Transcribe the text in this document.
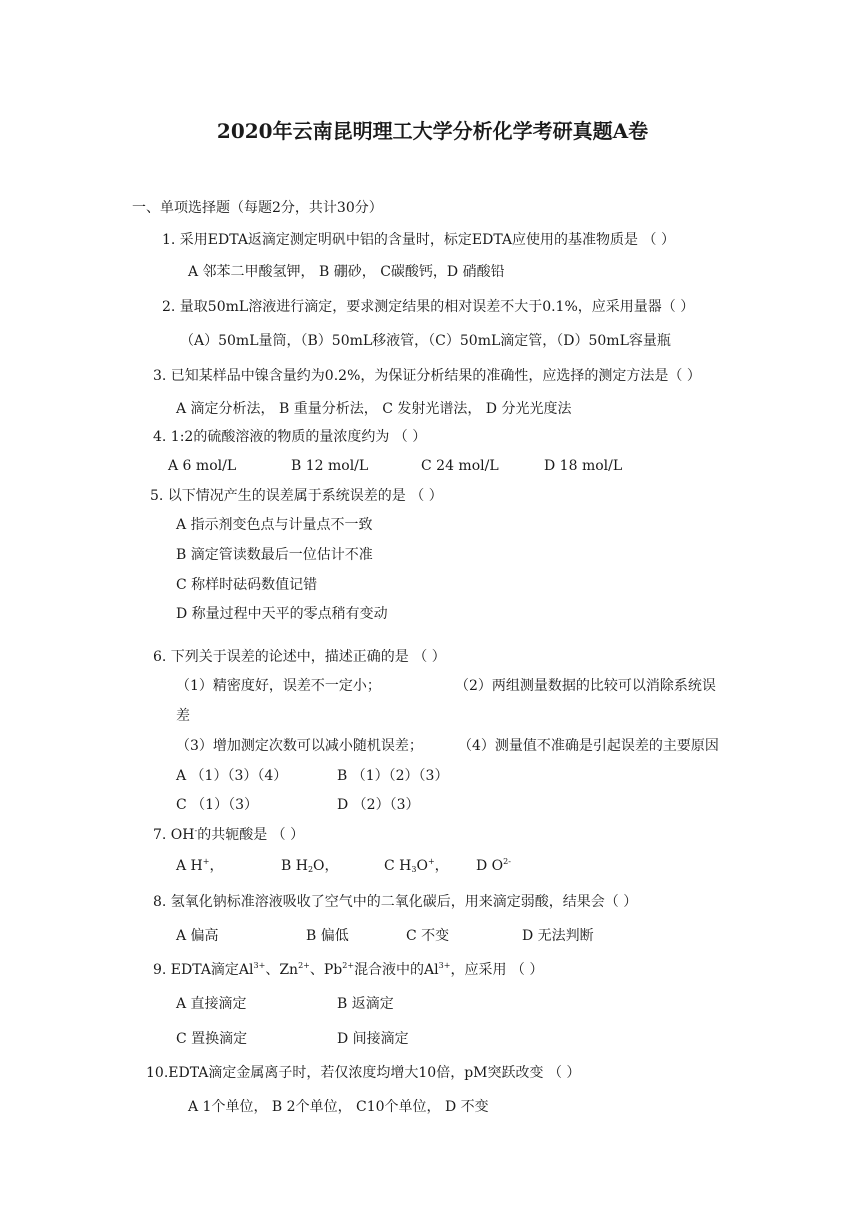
2020年云南昆明理工大学分析化学考研真题A卷
一、单项选择题（每题2分，共计30分）
1. 采用EDTA返滴定测定明矾中铝的含量时，标定EDTA应使用的基准物质是 （ ）
A 邻苯二甲酸氢钾， B 硼砂， C碳酸钙，D 硝酸铅
2. 量取50mL溶液进行滴定，要求测定结果的相对误差不大于0.1%，应采用量器（ ）
（A）50mL量筒，（B）50mL移液管，（C）50mL滴定管，（D）50mL容量瓶
3. 已知某样品中镍含量约为0.2%，为保证分析结果的准确性，应选择的测定方法是（ ）
A 滴定分析法， B 重量分析法， C 发射光谱法， D 分光光度法
4. 1:2的硫酸溶液的物质的量浓度约为 （ ）
A 6 mol/L	B 12 mol/L	C 24 mol/L	D 18 mol/L
5. 以下情况产生的误差属于系统误差的是 （ ）
A 指示剂变色点与计量点不一致
B 滴定管读数最后一位估计不准
C 称样时砝码数值记错
D 称量过程中天平的零点稍有变动
6. 下列关于误差的论述中，描述正确的是 （ ）
（1）精密度好，误差不一定小；	（2）两组测量数据的比较可以消除系统误
差
（3）增加测定次数可以减小随机误差；	（4）测量值不准确是引起误差的主要原因
A （1）（3）（4）	B （1）（2）（3）
C （1）（3）	D （2）（3）
7. OH-的共轭酸是 （ ）
A H+，	B $H_2O$，	C $H_3O^+$， D $O^{2-}$
8. 氢氧化钠标准溶液吸收了空气中的二氧化碳后，用来滴定弱酸，结果会（ ）
A 偏高	B 偏低	C 不变	D 无法判断
9. EDTA滴定$Al^{3+}$、$Zn^{2+}$、$Pb^{2+}$混合液中的$Al^{3+}$，应采用 （ ）
A 直接滴定	B 返滴定
C 置换滴定	D 间接滴定
10.EDTA滴定金属离子时，若仅浓度均增大10倍，pM突跃改变 （ ）
A 1个单位， B 2个单位， C10个单位， D 不变
